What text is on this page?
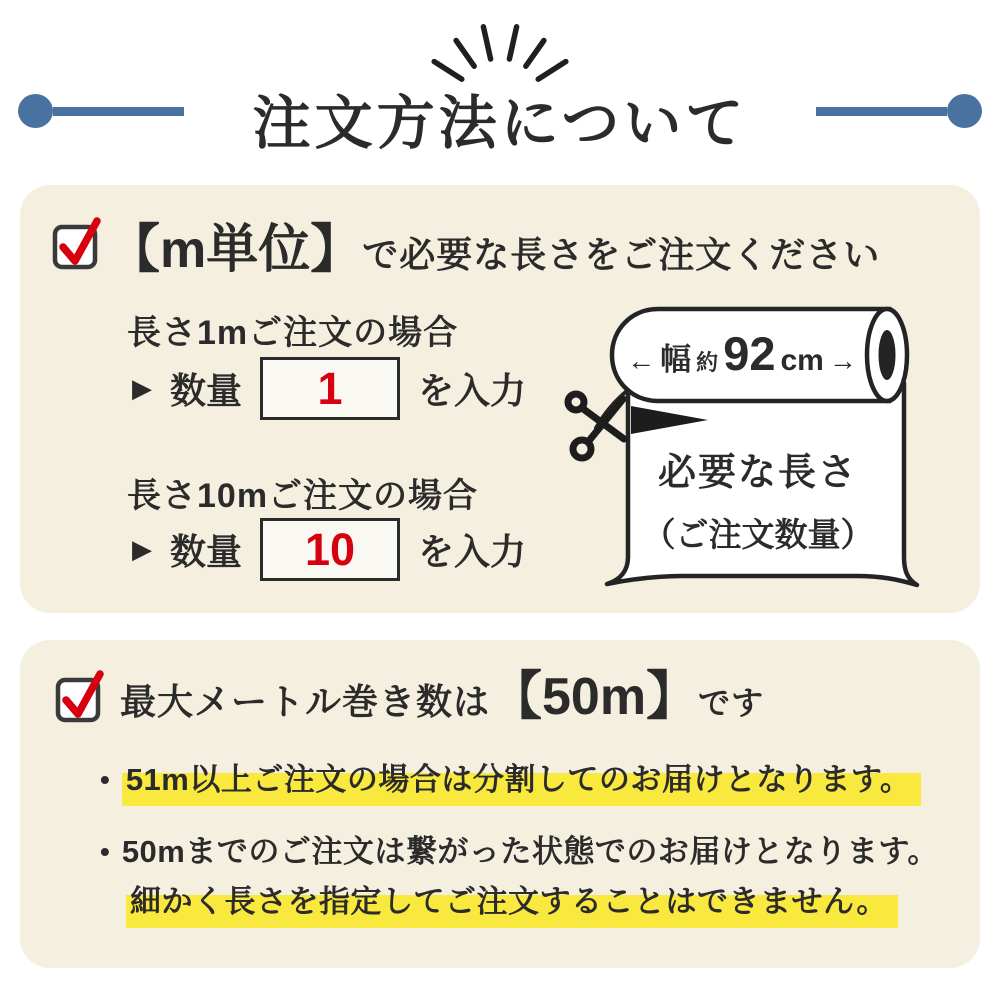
注文方法について
【m単位】 で必要な長さをご注文ください
長さ1mご注文の場合
▶ 数量 1 を入力
長さ10mご注文の場合
▶ 数量 10 を入力
← 幅 約 92 cm →
必要な長さ
（ご注文数量）
最大メートル巻き数は 【50m】 です
• 51m以上ご注文の場合は分割してのお届けとなります。
• 50mまでのご注文は繋がった状態でのお届けとなります。
細かく長さを指定してご注文することはできません。
